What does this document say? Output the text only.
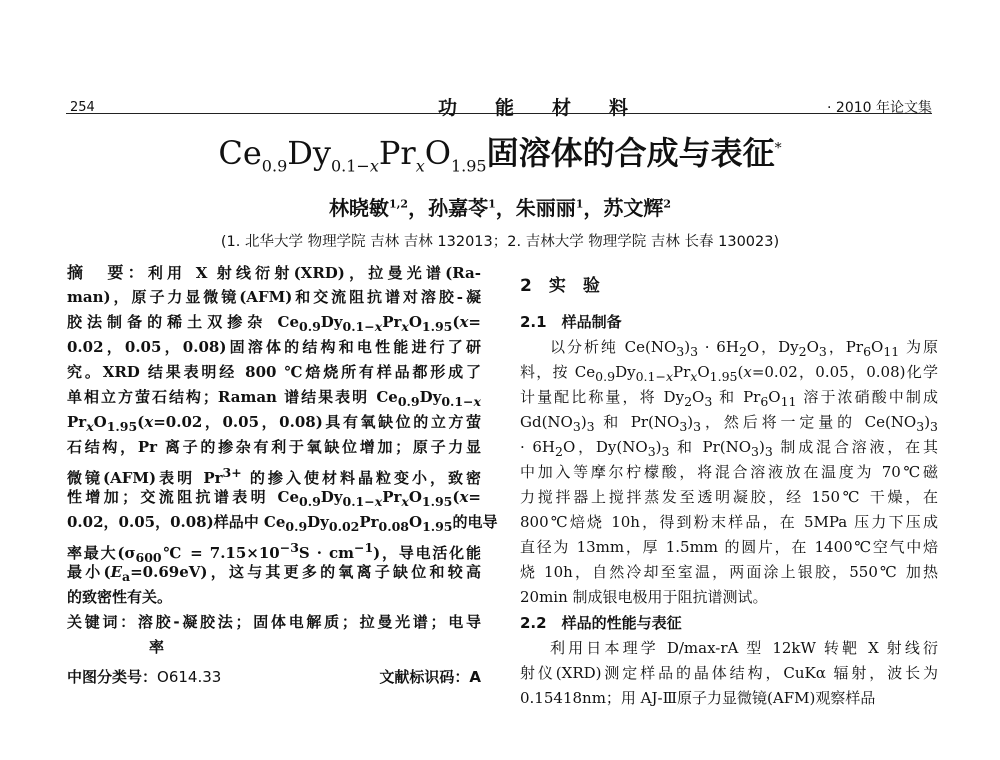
254	功能材料	· 2010 年论文集
$Ce_{0.9}Dy_{0.1-x}Pr_xO_{1.95}$固溶体的合成与表征*
林晓敏$^{1,2}$，孙嘉苓$^1$，朱丽丽$^1$，苏文辉$^2$
(1. 北华大学 物理学院 吉林 吉林 132013；2. 吉林大学 物理学院 吉林 长春 130023)
摘　要：利用 X 射线衍射(XRD)，拉曼光谱(Ra-
man)，原子力显微镜(AFM)和交流阻抗谱对溶胶-凝
胶法制备的稀土双掺杂 $Ce_{0.9}Dy_{0.1-x}Pr_xO_{1.95}(x=$
0.02，0.05，0.08)固溶体的结构和电性能进行了研
究。XRD 结果表明经 800 ℃焙烧所有样品都形成了
单相立方萤石结构；Raman 谱结果表明 $Ce_{0.9}Dy_{0.1-x}$
$Pr_xO_{1.95}(x=0.02$，0.05，0.08)具有氧缺位的立方萤
石结构，Pr 离子的掺杂有利于氧缺位增加；原子力显
微镜(AFM)表明 $Pr^{3+}$ 的掺入使材料晶粒变小，致密
性增加；交流阻抗谱表明 $Ce_{0.9}Dy_{0.1-x}Pr_xO_{1.95}(x=$
0.02，0.05，0.08)样品中 $Ce_{0.9}Dy_{0.02}Pr_{0.08}O_{1.95}$的电导
率最大$(\sigma_{600}℃ = 7.15\times 10^{-3}S \cdot cm^{-1})$，导电活化能
最小$(E_a=0.69eV)$，这与其更多的氧离子缺位和较高
的致密性有关。
关键词：溶胶-凝胶法；固体电解质；拉曼光谱；电导
率
中图分类号：O614.33	文献标识码：A
2　实　验
2.1　样品制备
以分析纯 $Ce(NO_3)_3 \cdot 6H_2O$，$Dy_2O_3$，$Pr_6O_{11}$ 为原
料，按 $Ce_{0.9}Dy_{0.1-x}Pr_xO_{1.95}(x=0.02$，0.05，0.08)化学
计量配比称量，将 $Dy_2O_3$ 和 $Pr_6O_{11}$ 溶于浓硝酸中制成
$Gd(NO_3)_3$ 和 $Pr(NO_3)_3$，然后将一定量的 $Ce(NO_3)_3$
· $6H_2O$，$Dy(NO_3)_3$ 和 $Pr(NO_3)_3$ 制成混合溶液，在其
中加入等摩尔柠檬酸，将混合溶液放在温度为 70℃磁
力搅拌器上搅拌蒸发至透明凝胶，经 150℃ 干燥，在
800℃焙烧 10h，得到粉末样品，在 5MPa 压力下压成
直径为 13mm，厚 1.5mm 的圆片，在 1400℃空气中焙
烧 10h，自然冷却至室温，两面涂上银胶，550℃ 加热
20min 制成银电极用于阻抗谱测试。
2.2　样品的性能与表征
利用日本理学 D/max-rA 型 12kW 转靶 X 射线衍
射仪(XRD)测定样品的晶体结构，CuKα 辐射，波长为
0.15418nm；用 AJ-Ⅲ原子力显微镜(AFM)观察样品
